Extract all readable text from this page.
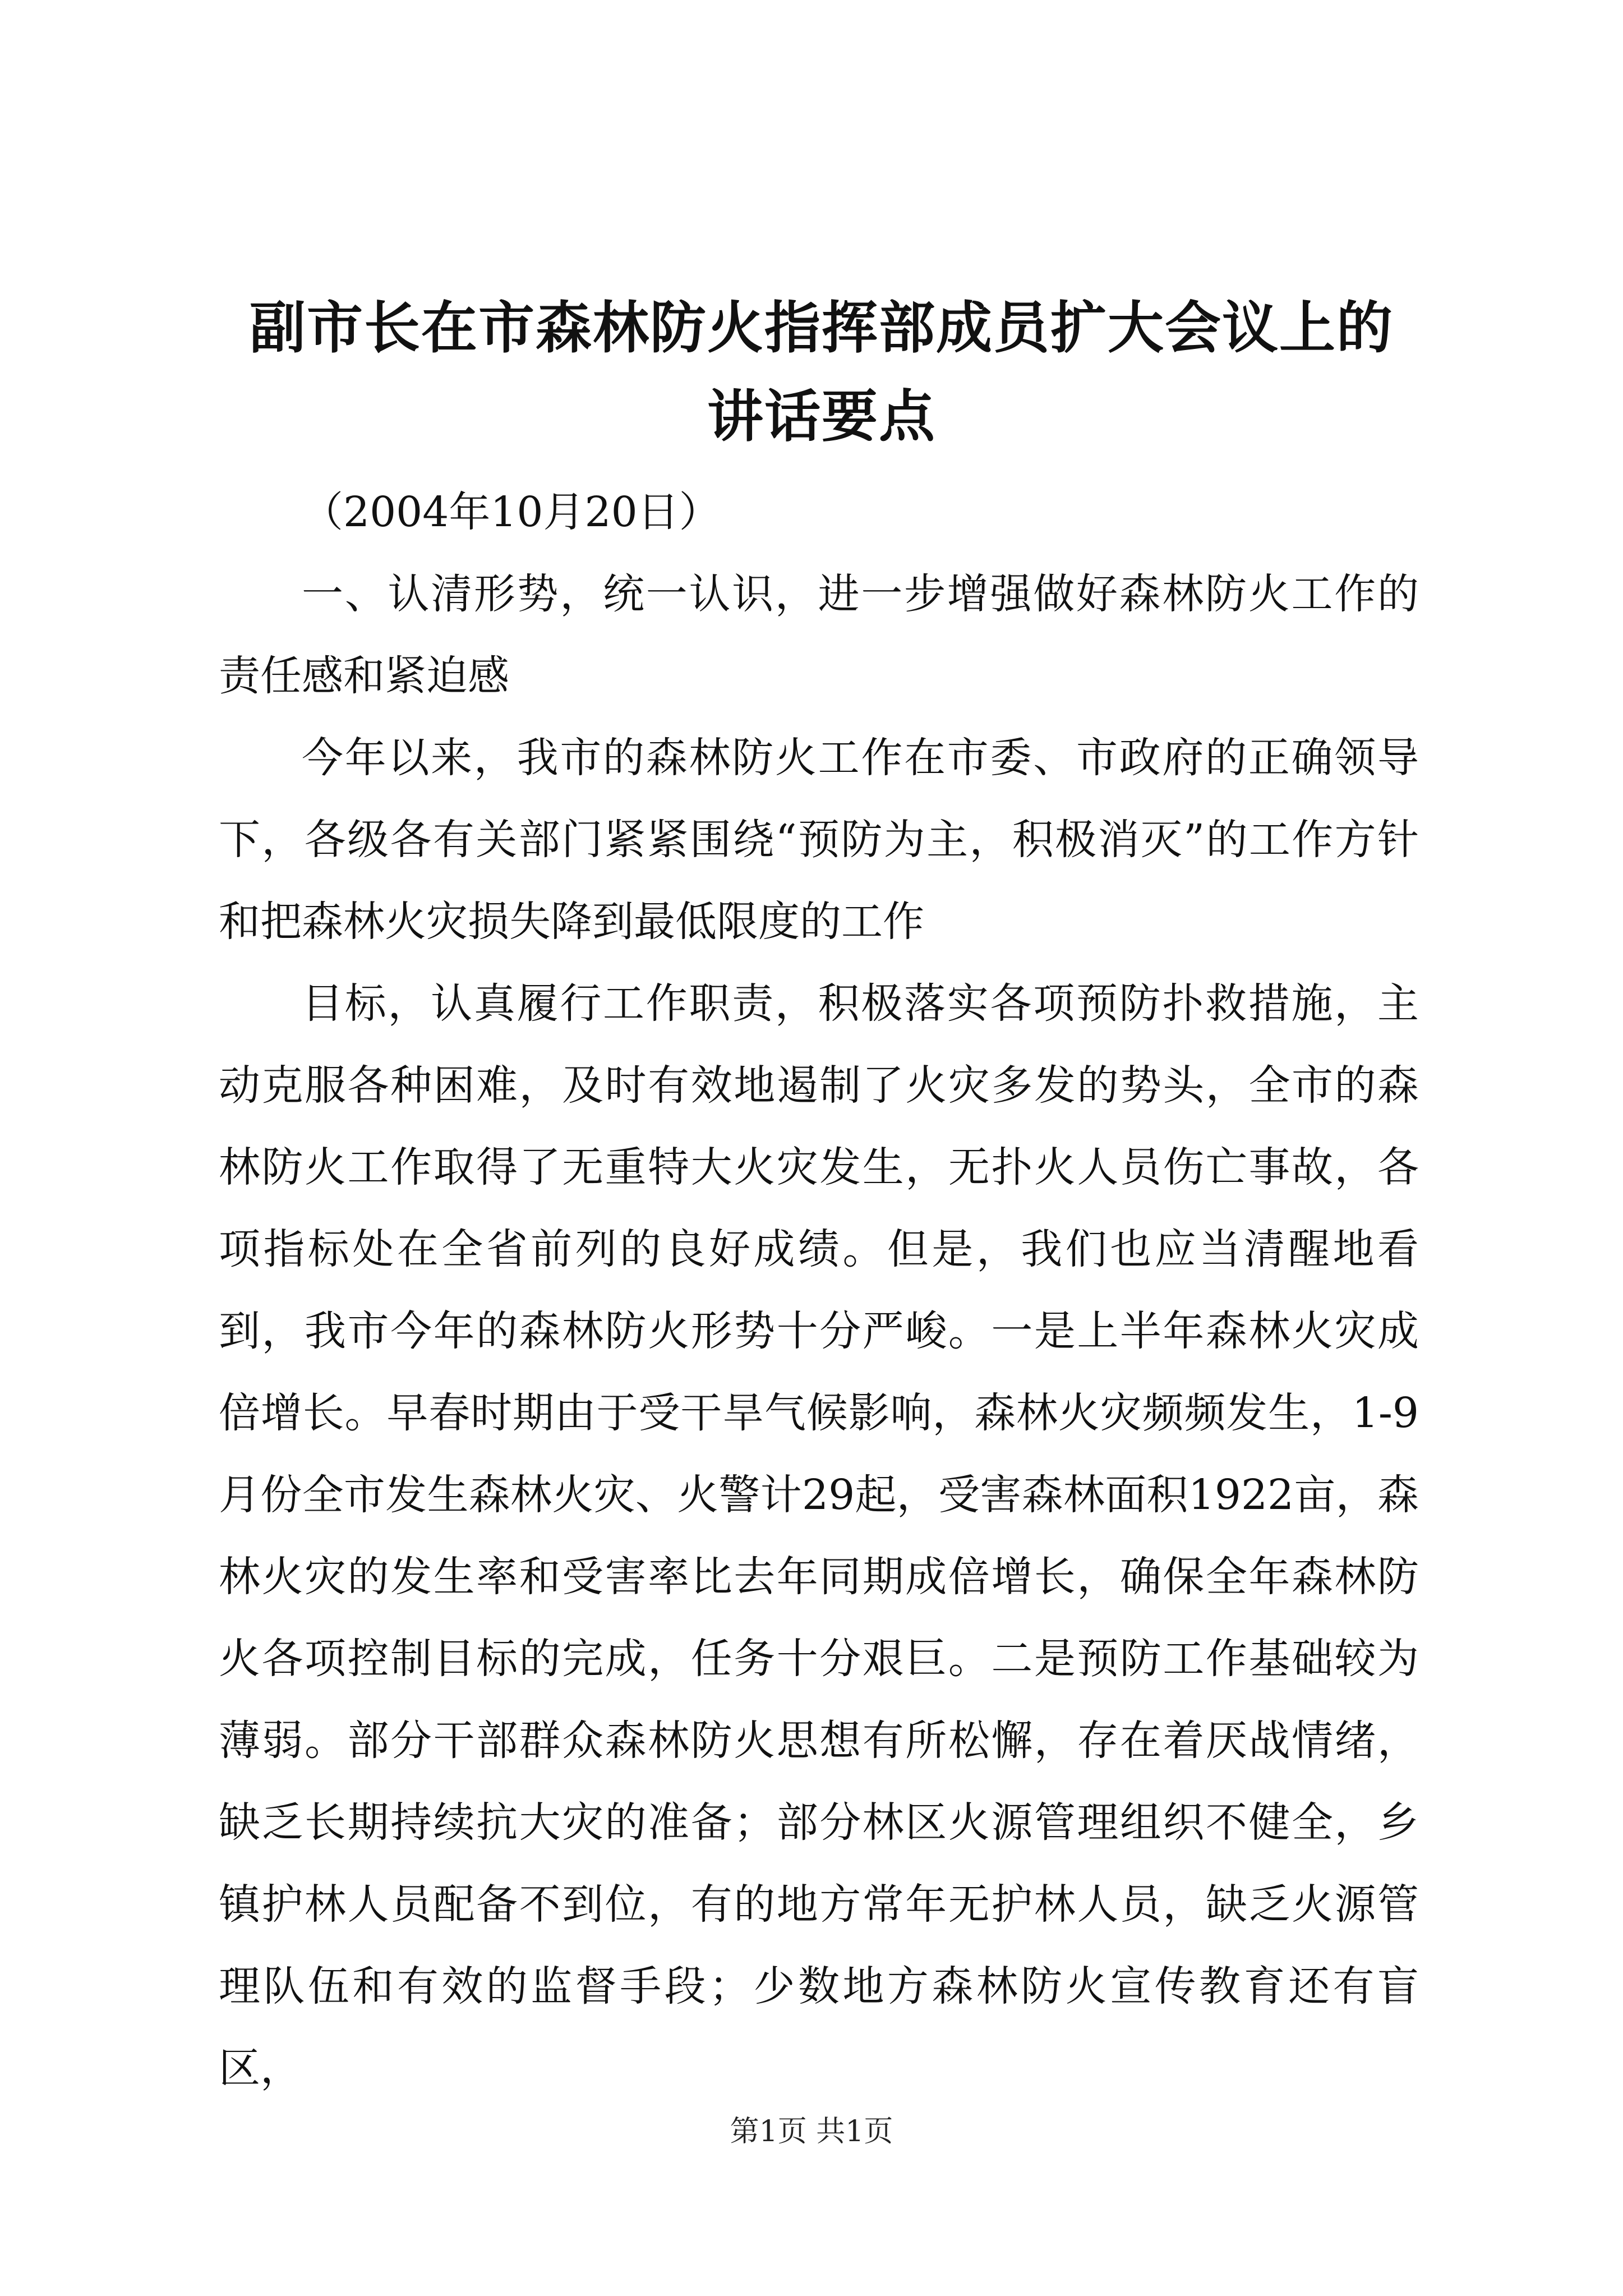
副市长在市森林防火指挥部成员扩大会议上的
讲话要点

（2004年10月20日）

一、认清形势，统一认识，进一步增强做好森林防火工作的责任感和紧迫感

今年以来，我市的森林防火工作在市委、市政府的正确领导下，各级各有关部门紧紧围绕“预防为主，积极消灭”的工作方针和把森林火灾损失降到最低限度的工作

目标，认真履行工作职责，积极落实各项预防扑救措施，主动克服各种困难，及时有效地遏制了火灾多发的势头，全市的森林防火工作取得了无重特大火灾发生，无扑火人员伤亡事故，各项指标处在全省前列的良好成绩。但是，我们也应当清醒地看到，我市今年的森林防火形势十分严峻。一是上半年森林火灾成倍增长。早春时期由于受干旱气候影响，森林火灾频频发生，1-9月份全市发生森林火灾、火警计29起，受害森林面积1922亩，森林火灾的发生率和受害率比去年同期成倍增长，确保全年森林防火各项控制目标的完成，任务十分艰巨。二是预防工作基础较为薄弱。部分干部群众森林防火思想有所松懈，存在着厌战情绪，缺乏长期持续抗大灾的准备；部分林区火源管理组织不健全，乡镇护林人员配备不到位，有的地方常年无护林人员，缺乏火源管理队伍和有效的监督手段；少数地方森林防火宣传教育还有盲区，

第1页 共1页
